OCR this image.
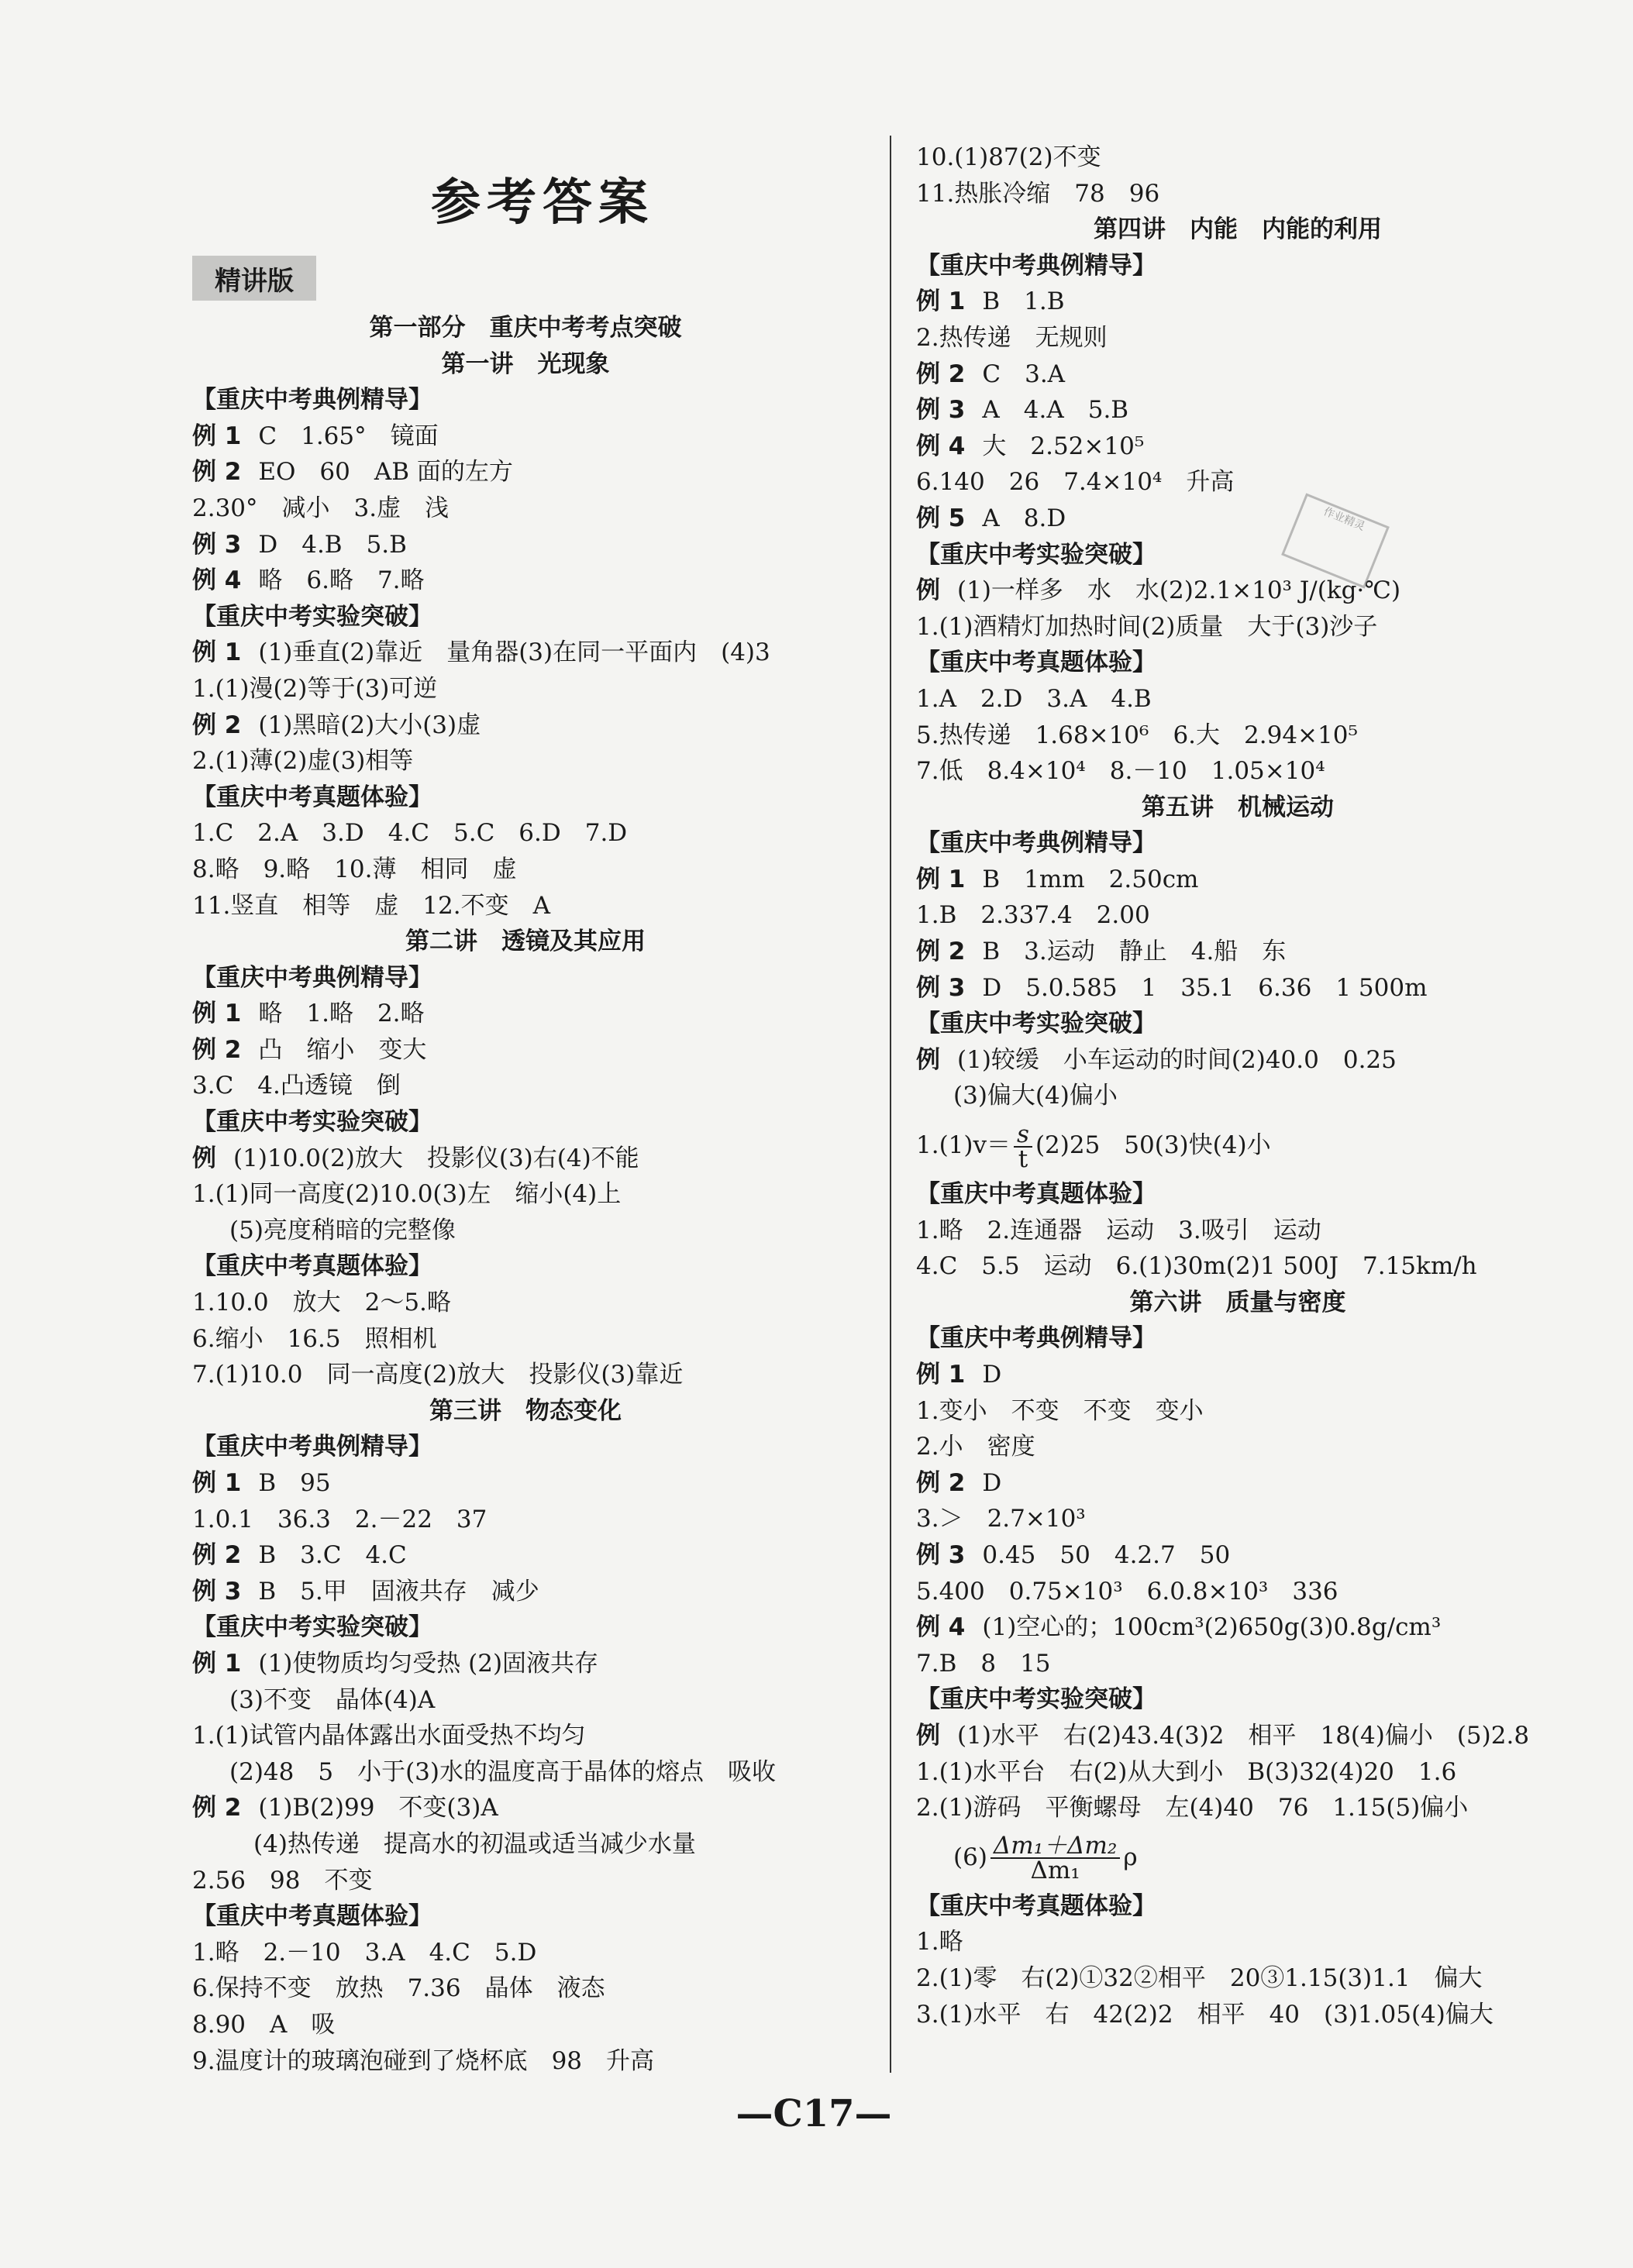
参考答案
精讲版
第一部分　重庆中考考点突破
第一讲　光现象
【重庆中考典例精导】
例 1 C　1.65°　镜面
例 2 EO　60　AB 面的左方
2.30°　减小　3.虚　浅
例 3 D　4.B　5.B
例 4 略　6.略　7.略
【重庆中考实验突破】
例 1 (1)垂直(2)靠近　量角器(3)在同一平面内　(4)3
1.(1)漫(2)等于(3)可逆
例 2 (1)黑暗(2)大小(3)虚
2.(1)薄(2)虚(3)相等
【重庆中考真题体验】
1.C　2.A　3.D　4.C　5.C　6.D　7.D
8.略　9.略　10.薄　相同　虚
11.竖直　相等　虚　12.不变　A
第二讲　透镜及其应用
【重庆中考典例精导】
例 1 略　1.略　2.略
例 2 凸　缩小　变大
3.C　4.凸透镜　倒
【重庆中考实验突破】
例 (1)10.0(2)放大　投影仪(3)右(4)不能
1.(1)同一高度(2)10.0(3)左　缩小(4)上
(5)亮度稍暗的完整像
【重庆中考真题体验】
1.10.0　放大　2～5.略
6.缩小　16.5　照相机
7.(1)10.0　同一高度(2)放大　投影仪(3)靠近
第三讲　物态变化
【重庆中考典例精导】
例 1 B　95
1.0.1　36.3　2.－22　37
例 2 B　3.C　4.C
例 3 B　5.甲　固液共存　减少
【重庆中考实验突破】
例 1 (1)使物质均匀受热 (2)固液共存
(3)不变　晶体(4)A
1.(1)试管内晶体露出水面受热不均匀
(2)48　5　小于(3)水的温度高于晶体的熔点　吸收
例 2 (1)B(2)99　不变(3)A
　(4)热传递　提高水的初温或适当减少水量
2.56　98　不变
【重庆中考真题体验】
1.略　2.－10　3.A　4.C　5.D
6.保持不变　放热　7.36　晶体　液态
8.90　A　吸
9.温度计的玻璃泡碰到了烧杯底　98　升高
10.(1)87(2)不变
11.热胀冷缩　78　96
第四讲　内能　内能的利用
【重庆中考典例精导】
例 1 B　1.B
2.热传递　无规则
例 2 C　3.A
例 3 A　4.A　5.B
例 4 大　2.52×10⁵
6.140　26　7.4×10⁴　升高
例 5 A　8.D
【重庆中考实验突破】
例 (1)一样多　水　水(2)2.1×10³ J/(kg·℃)
1.(1)酒精灯加热时间(2)质量　大于(3)沙子
【重庆中考真题体验】
1.A　2.D　3.A　4.B
5.热传递　1.68×10⁶　6.大　2.94×10⁵
7.低　8.4×10⁴　8.－10　1.05×10⁴
第五讲　机械运动
【重庆中考典例精导】
例 1 B　1mm　2.50cm
1.B　2.337.4　2.00
例 2 B　3.运动　静止　4.船　东
例 3 D　5.0.585　1　35.1　6.36　1 500m
【重庆中考实验突破】
例 (1)较缓　小车运动的时间(2)40.0　0.25
(3)偏大(4)偏小
$1.(1)v= \frac{s}{t} (2)25$　50(3)快(4)小
【重庆中考真题体验】
1.略　2.连通器　运动　3.吸引　运动
4.C　5.5　运动　6.(1)30m(2)1 500J　7.15km/h
第六讲　质量与密度
【重庆中考典例精导】
例 1 D
1.变小　不变　不变　变小
2.小　密度
例 2 D
3.＞　2.7×10³
例 3 0.45　50　4.2.7　50
5.400　0.75×10³　6.0.8×10³　336
例 4 (1)空心的；100cm³(2)650g(3)0.8g/cm³
7.B　8　15
【重庆中考实验突破】
例 (1)水平　右(2)43.4(3)2　相平　18(4)偏小　(5)2.8
1.(1)水平台　右(2)从大到小　B(3)32(4)20　1.6
2.(1)游码　平衡螺母　左(4)40　76　1.15(5)偏小
$(6) \frac{\text{Δm₁＋Δm₂}}{\text{Δm₁}}$ ρ
【重庆中考真题体验】
1.略
2.(1)零　右(2)①32②相平　20③1.15(3)1.1　偏大
3.(1)水平　右　42(2)2　相平　40　(3)1.05(4)偏大
作业精灵
—C17—
